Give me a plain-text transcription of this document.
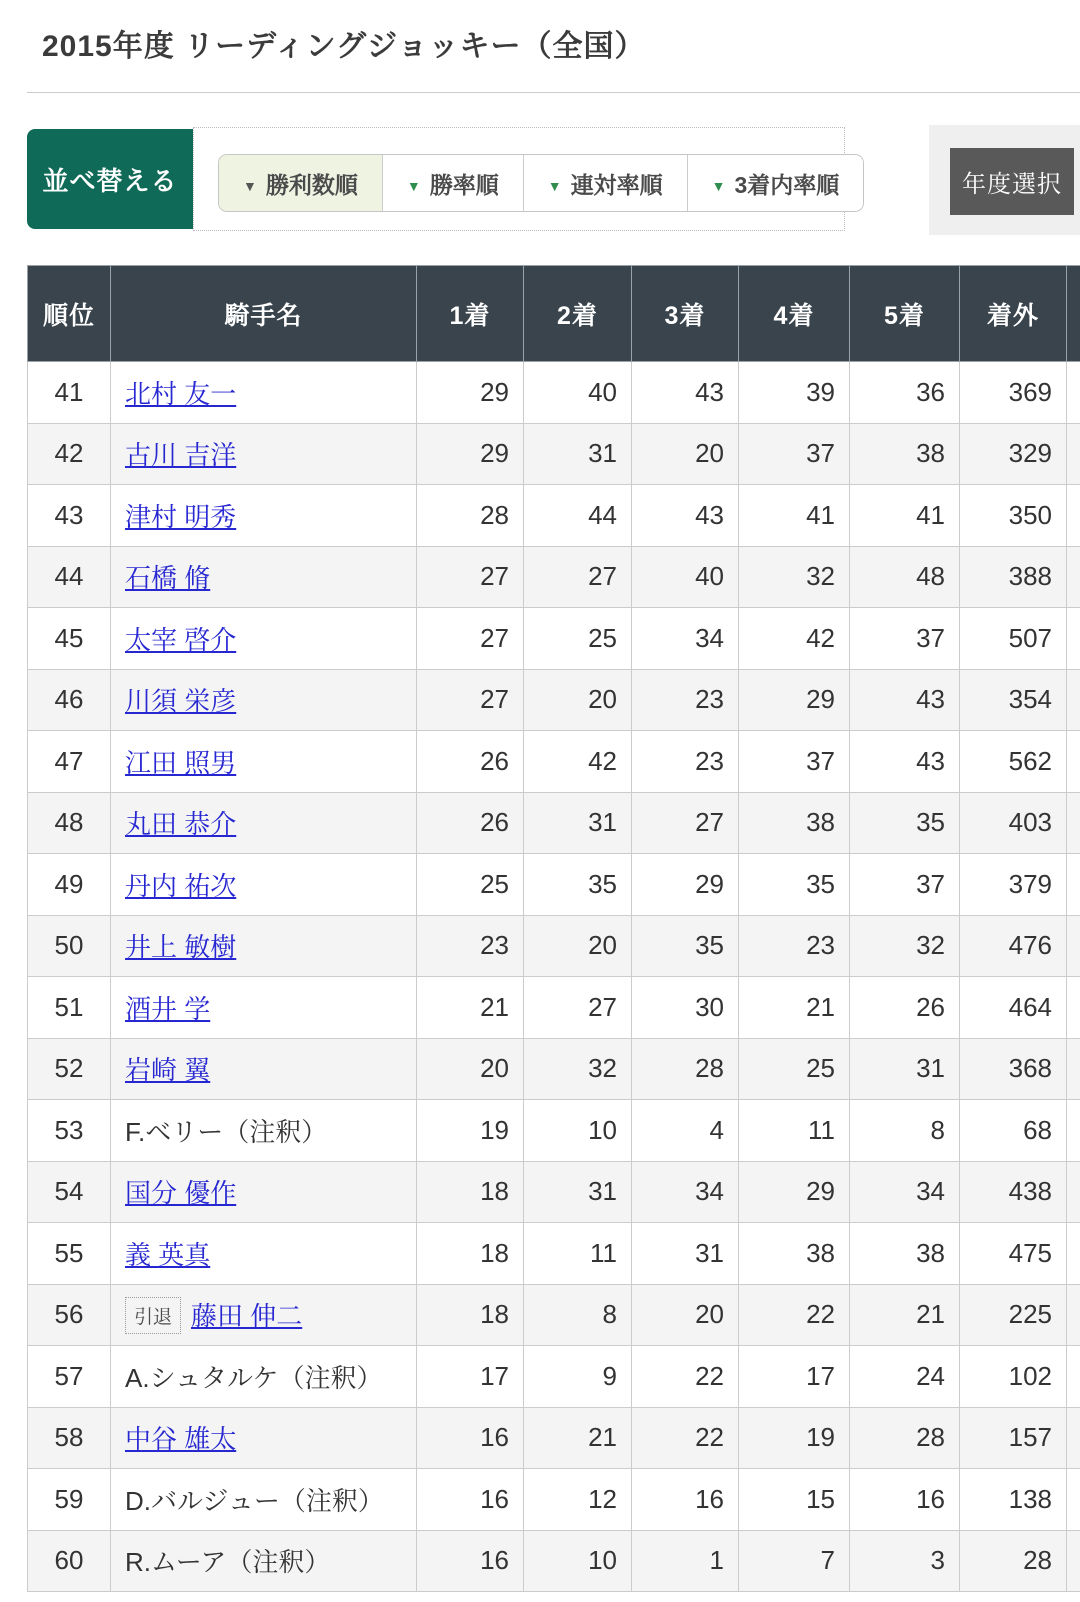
2015年度 リーディングジョッキー（全国）
並べ替える ▼	勝利数順 ▼	勝率順 ▼	連対率順 ▼	3着内率順	年度選択
順位	騎手名	1着	2着	3着	4着	5着	着外	
41	北村 友一	29	40	43	39	36	369	
42	古川 吉洋	29	31	20	37	38	329	
43	津村 明秀	28	44	43	41	41	350	
44	石橋 脩	27	27	40	32	48	388	
45	太宰 啓介	27	25	34	42	37	507	
46	川須 栄彦	27	20	23	29	43	354	
47	江田 照男	26	42	23	37	43	562	
48	丸田 恭介	26	31	27	38	35	403	
49	丹内 祐次	25	35	29	35	37	379	
50	井上 敏樹	23	20	35	23	32	476	
51	酒井 学	21	27	30	21	26	464	
52	岩崎 翼	20	32	28	25	31	368	
53	F.ベリー（注釈）	19	10	4	11	8	68	
54	国分 優作	18	31	34	29	34	438	
55	義 英真	18	11	31	38	38	475	
56	引退 藤田 伸二	18	8	20	22	21	225	
57	A.シュタルケ（注釈）	17	9	22	17	24	102	
58	中谷 雄太	16	21	22	19	28	157	
59	D.バルジュー（注釈）	16	12	16	15	16	138	
60	R.ムーア（注釈）	16	10	1	7	3	28	
